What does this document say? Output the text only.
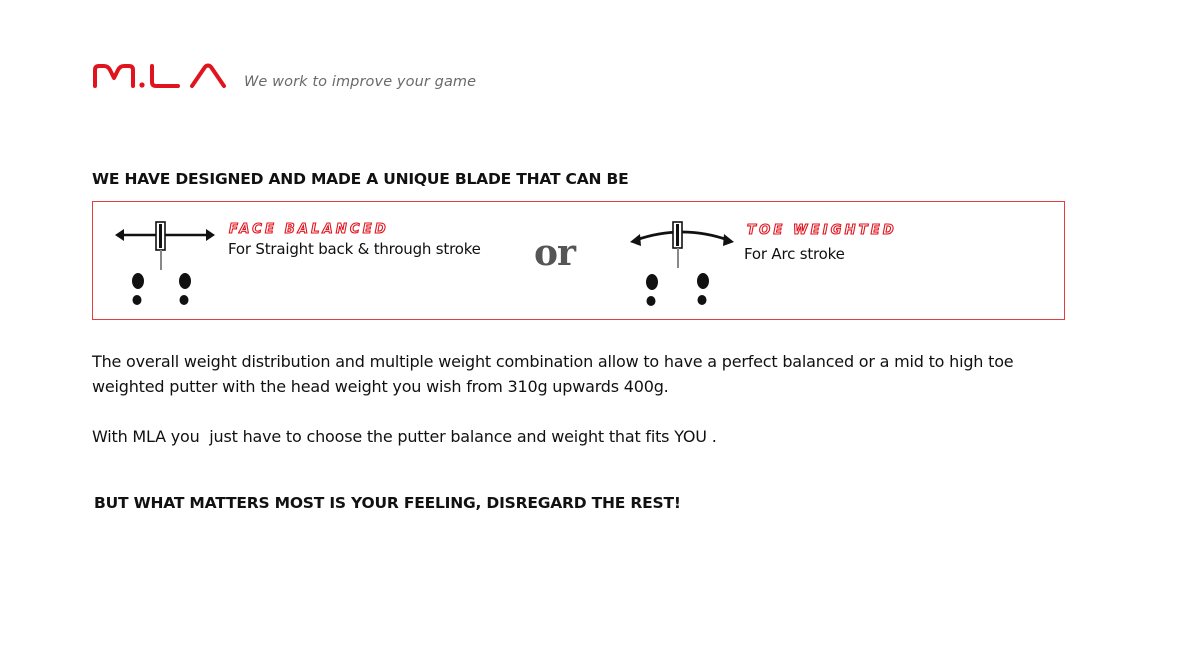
We work to improve your game
WE HAVE DESIGNED AND MADE A UNIQUE BLADE THAT CAN BE
FACE BALANCED
For Straight back & through stroke or
TOE WEIGHTED
For Arc stroke
The overall weight distribution and multiple weight combination allow to have a perfect balanced or a mid to high toe weighted putter with the head weight you wish from 310g upwards 400g.
With MLA you  just have to choose the putter balance and weight that fits YOU .
BUT WHAT MATTERS MOST IS YOUR FEELING, DISREGARD THE REST!
